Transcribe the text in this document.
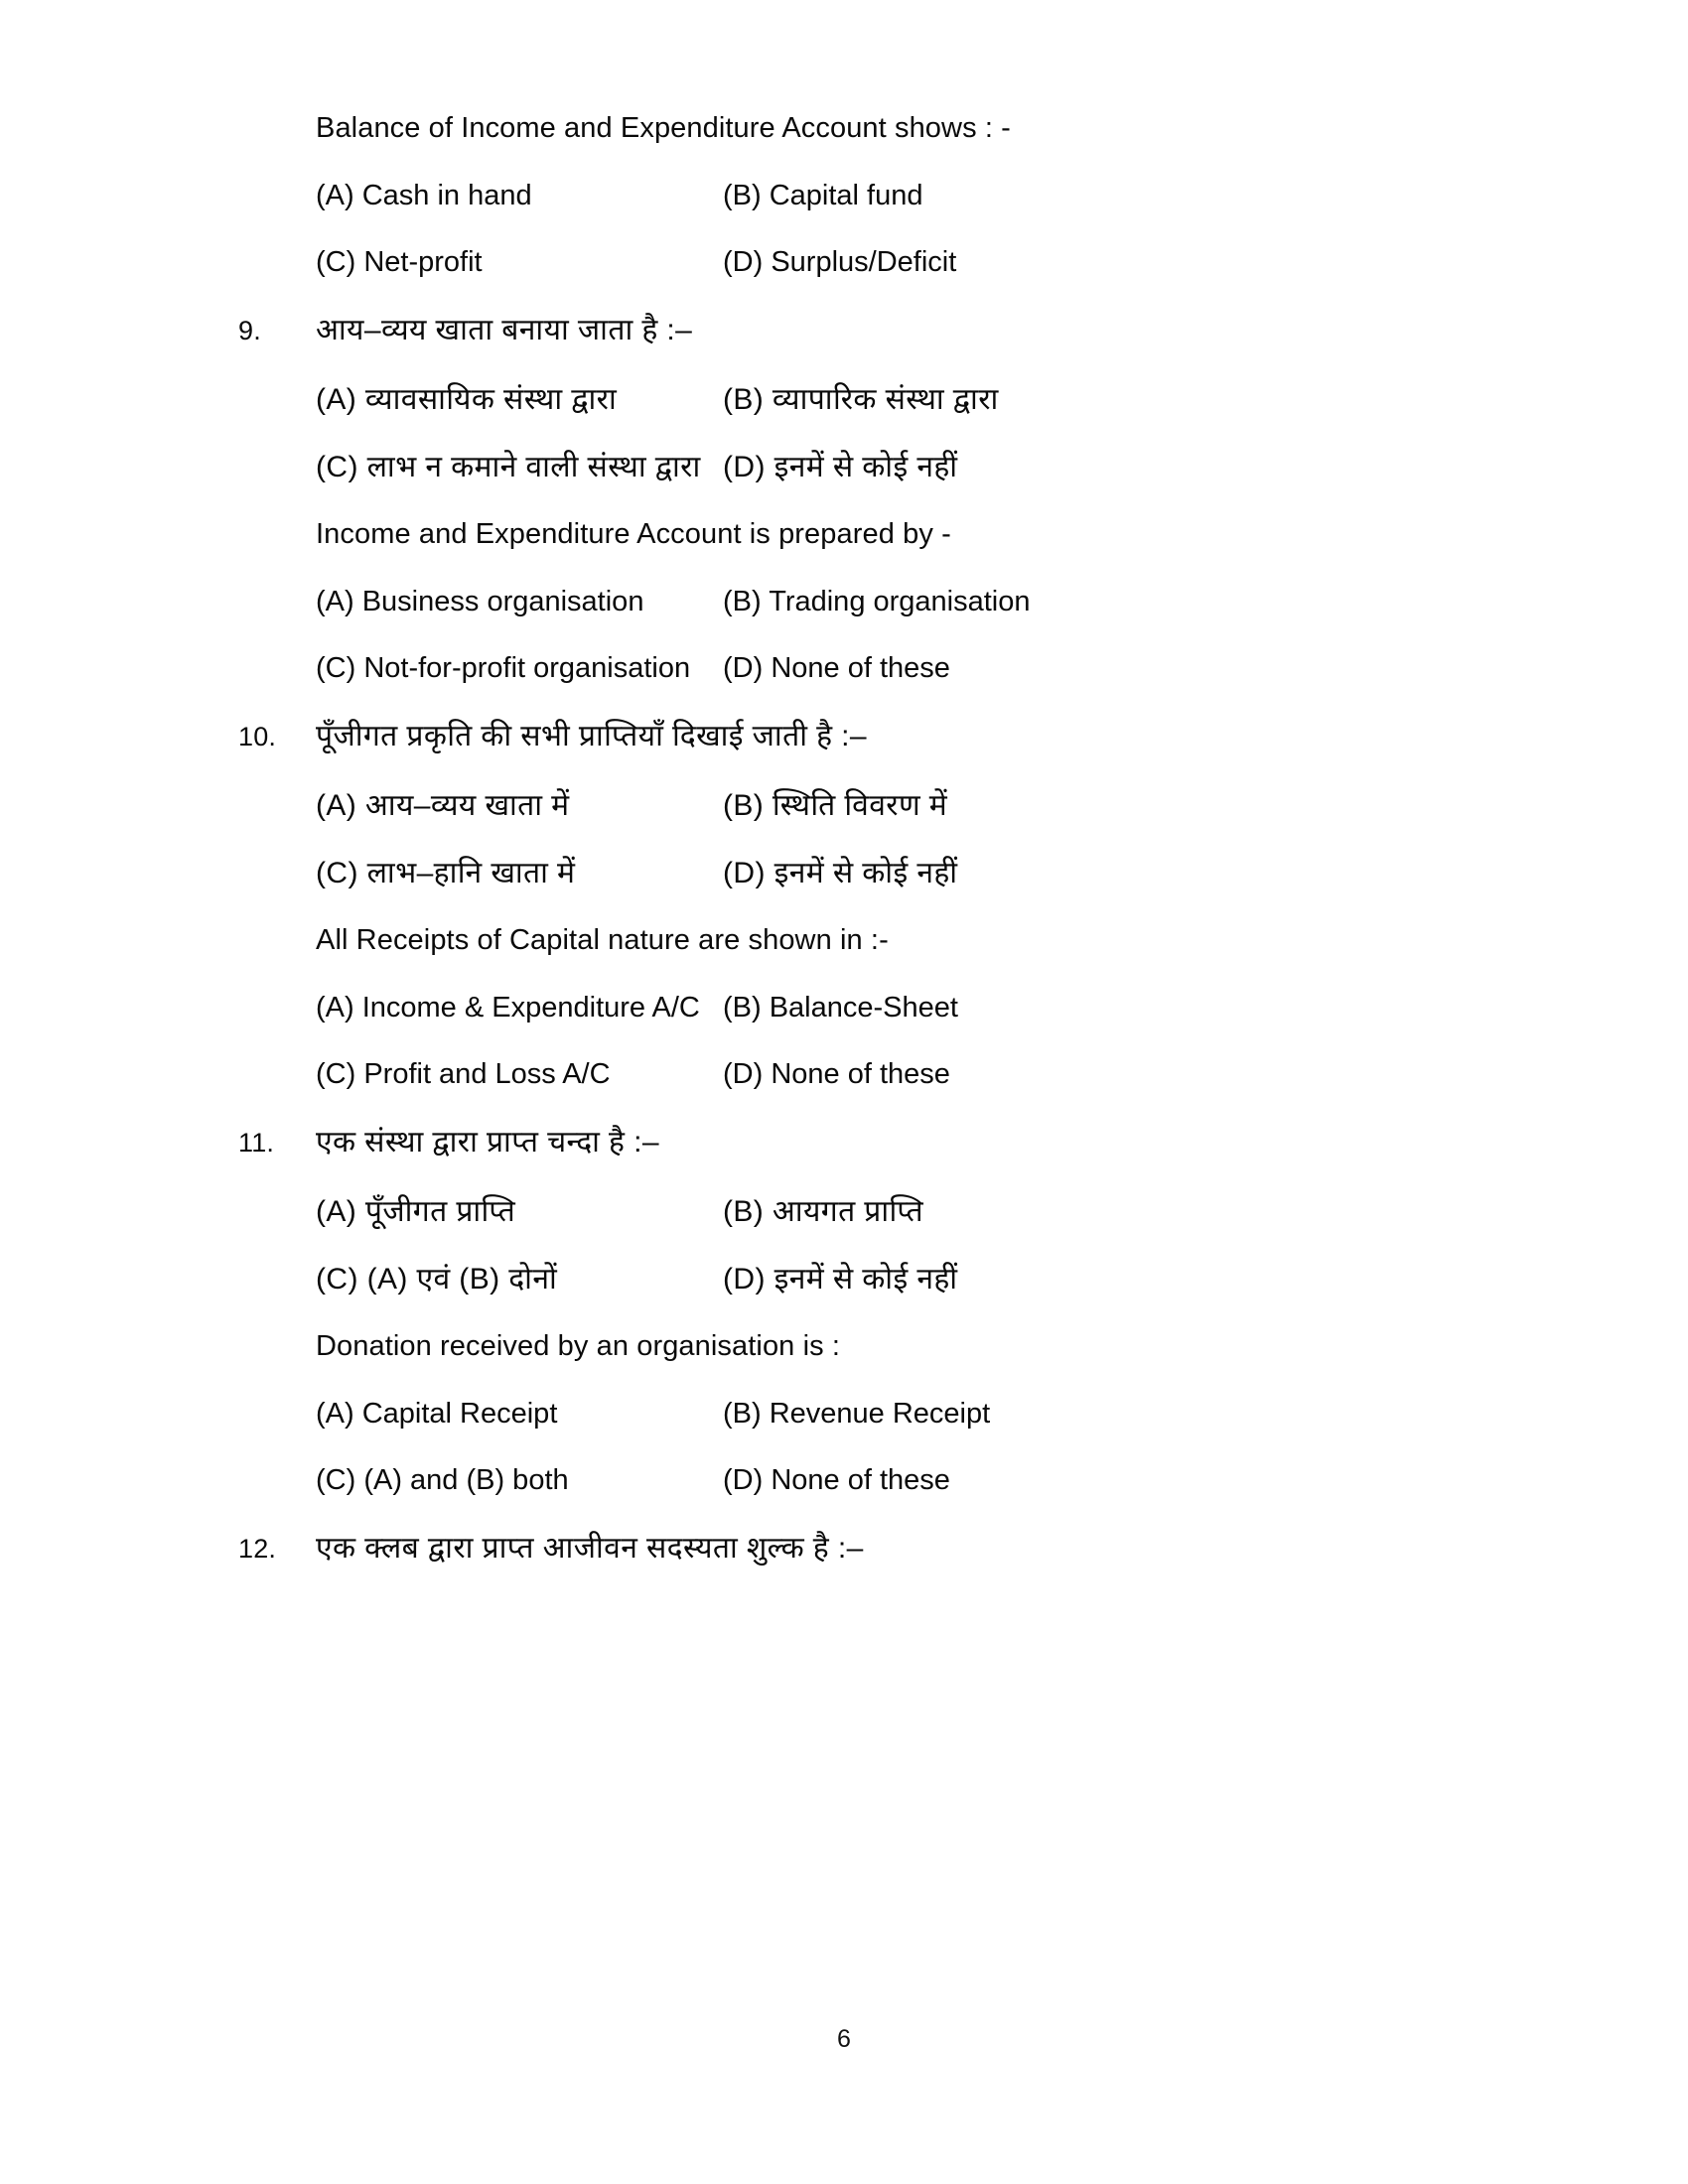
Balance of Income and Expenditure Account shows : -
(A) Cash in hand	(B) Capital fund
(C) Net-profit	(D) Surplus/Deficit
9.	आय–व्यय खाता बनाया जाता है :–
(A) व्यावसायिक संस्था द्वारा	(B) व्यापारिक संस्था द्वारा
(C) लाभ न कमाने वाली संस्था द्वारा (D) इनमें से कोई नहीं
Income and Expenditure Account is prepared by -
(A) Business organisation	(B) Trading organisation
(C) Not-for-profit organisation	(D) None of these
10.	पूँजीगत प्रकृति की सभी प्राप्तियाँ दिखाई जाती है :–
(A) आय–व्यय खाता में	(B) स्थिति विवरण में
(C) लाभ–हानि खाता में	(D) इनमें से कोई नहीं
All Receipts of Capital nature are shown in :-
(A) Income & Expenditure A/C (B) Balance-Sheet
(C) Profit and Loss A/C	(D) None of these
11.	एक संस्था द्वारा प्राप्त चन्दा है :–
(A) पूँजीगत प्राप्ति	(B) आयगत प्राप्ति
(C) (A) एवं (B) दोनों	(D) इनमें से कोई नहीं
Donation received by an organisation is :
(A) Capital Receipt	(B) Revenue Receipt
(C) (A) and (B) both	(D) None of these
12.	एक क्लब द्वारा प्राप्त आजीवन सदस्यता शुल्क है :–
6
